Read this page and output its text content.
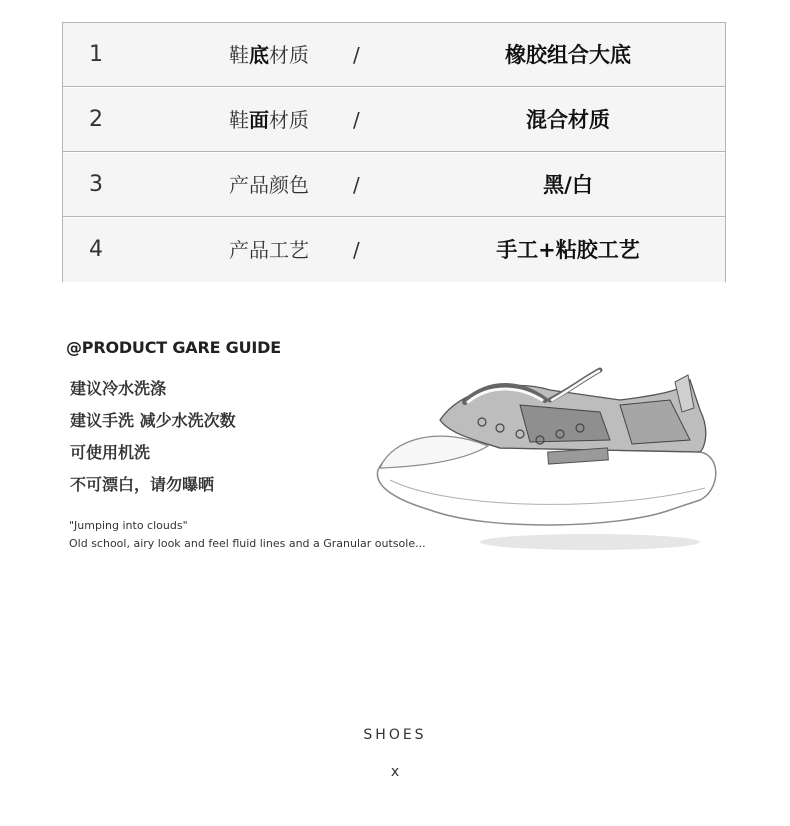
1	鞋底材质 /	橡胶组合大底
2	鞋面材质 /	混合材质
3	产品颜色 /	黑/白
4	产品工艺 /	手工+粘胶工艺
@PRODUCT GARE GUIDE
建议冷水洗涤
建议手洗 减少水洗次数
可使用机洗
不可漂白，请勿曝晒
"Jumping into clouds"
Old school, airy look and feel fluid lines and a Granular outsole...
SHOES
x
